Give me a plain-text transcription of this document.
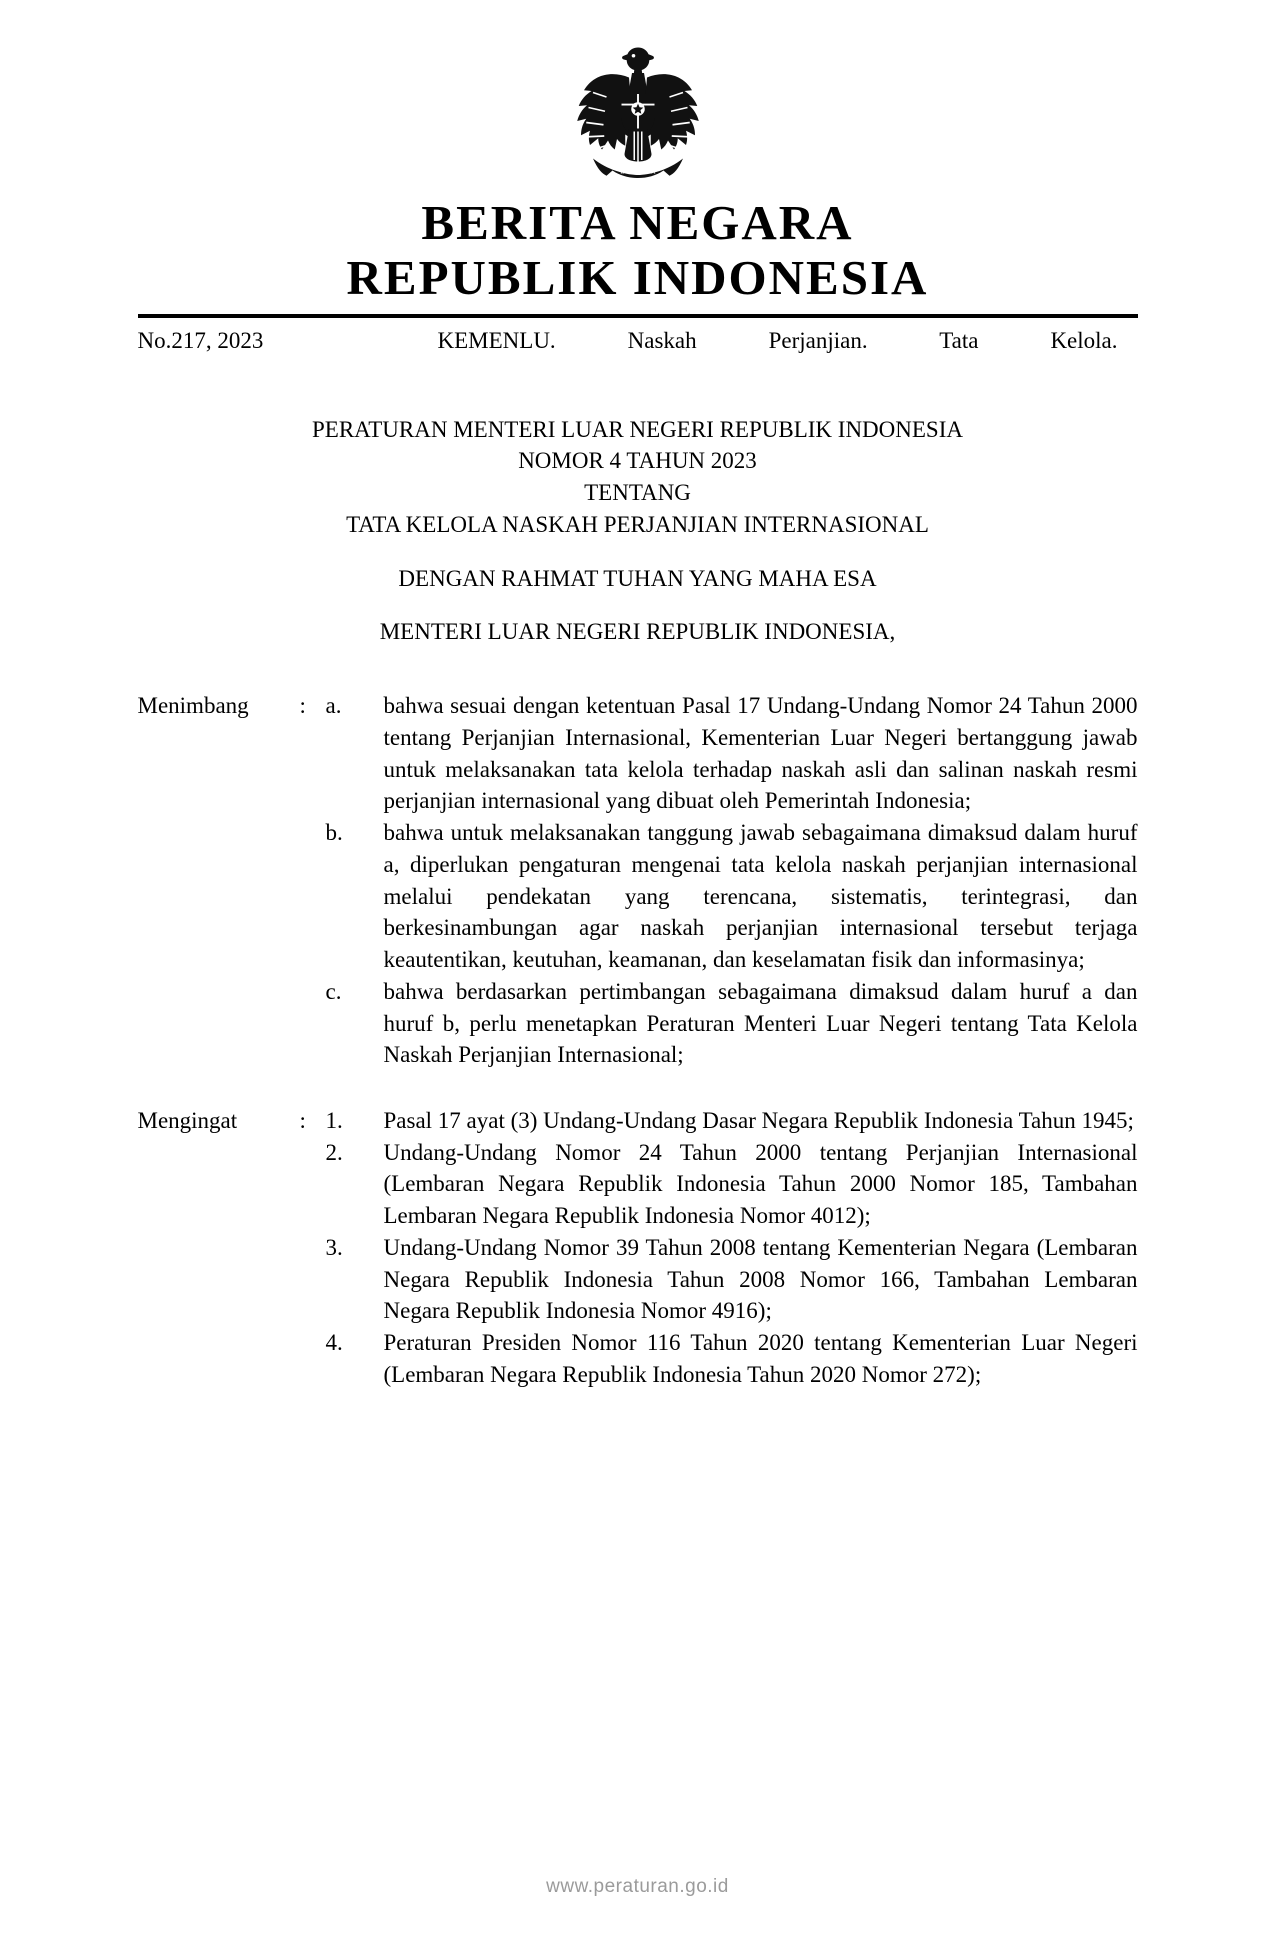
BHINNEKA
BERITA NEGARA
REPUBLIK INDONESIA
No.217, 2023	KEMENLU. Naskah Perjanjian. Tata Kelola.
PERATURAN MENTERI LUAR NEGERI REPUBLIK INDONESIA
NOMOR 4 TAHUN 2023
TENTANG
TATA KELOLA NASKAH PERJANJIAN INTERNASIONAL
DENGAN RAHMAT TUHAN YANG MAHA ESA
MENTERI LUAR NEGERI REPUBLIK INDONESIA,
Menimbang	: a.	bahwa sesuai dengan ketentuan Pasal 17 Undang-Undang Nomor 24 Tahun 2000 tentang Perjanjian Internasional, Kementerian Luar Negeri bertanggung jawab untuk melaksanakan tata kelola terhadap naskah asli dan salinan naskah resmi perjanjian internasional yang dibuat oleh Pemerintah Indonesia;
b.	bahwa untuk melaksanakan tanggung jawab sebagaimana dimaksud dalam huruf a, diperlukan pengaturan mengenai tata kelola naskah perjanjian internasional melalui pendekatan yang terencana, sistematis, terintegrasi, dan berkesinambungan agar naskah perjanjian internasional tersebut terjaga keautentikan, keutuhan, keamanan, dan keselamatan fisik dan informasinya;
c.	bahwa berdasarkan pertimbangan sebagaimana dimaksud dalam huruf a dan huruf b, perlu menetapkan Peraturan Menteri Luar Negeri tentang Tata Kelola Naskah Perjanjian Internasional;
Mengingat	: 1.	Pasal 17 ayat (3) Undang-Undang Dasar Negara Republik Indonesia Tahun 1945;
2.	Undang-Undang Nomor 24 Tahun 2000 tentang Perjanjian Internasional (Lembaran Negara Republik Indonesia Tahun 2000 Nomor 185, Tambahan Lembaran Negara Republik Indonesia Nomor 4012);
3.	Undang-Undang Nomor 39 Tahun 2008 tentang Kementerian Negara (Lembaran Negara Republik Indonesia Tahun 2008 Nomor 166, Tambahan Lembaran Negara Republik Indonesia Nomor 4916);
4.	Peraturan Presiden Nomor 116 Tahun 2020 tentang Kementerian Luar Negeri (Lembaran Negara Republik Indonesia Tahun 2020 Nomor 272);
www.peraturan.go.id
